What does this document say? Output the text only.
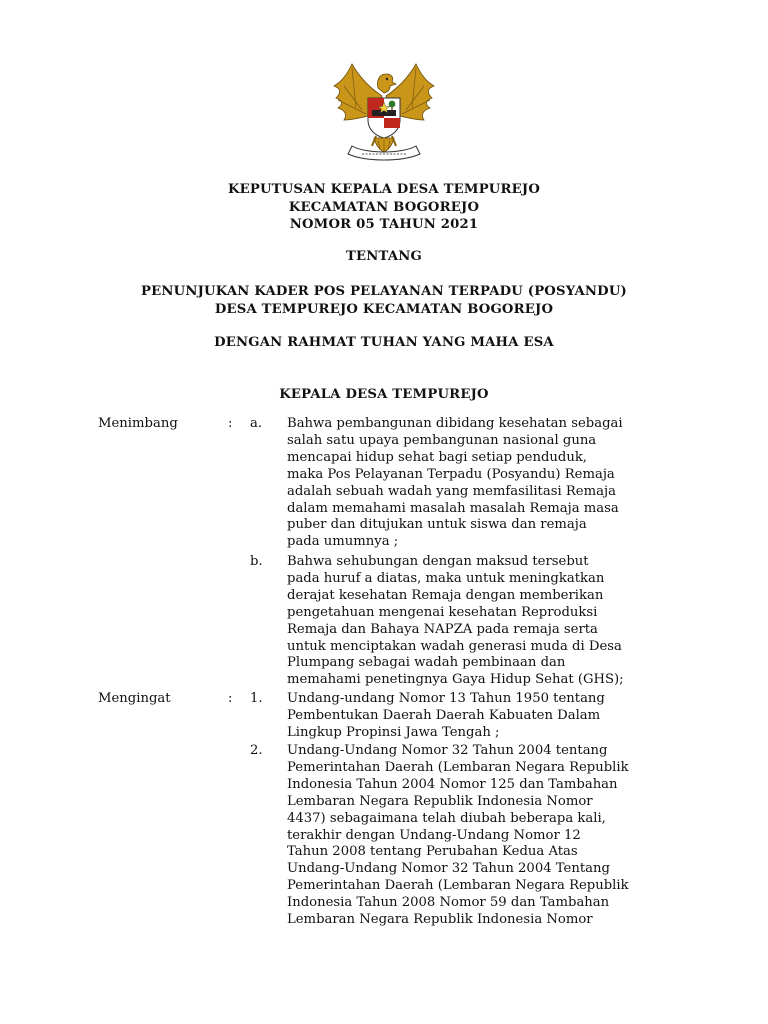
KEPUTUSAN KEPALA DESA TEMPUREJO
KECAMATAN BOGOREJO
NOMOR 05 TAHUN 2021
TENTANG
PENUNJUKAN KADER POS PELAYANAN TERPADU (POSYANDU)
DESA TEMPUREJO KECAMATAN BOGOREJO
DENGAN RAHMAT TUHAN YANG MAHA ESA
KEPALA DESA TEMPUREJO
Menimbang	: a. Bahwa pembangunan dibidang kesehatan sebagai
salah satu upaya pembangunan nasional guna
mencapai hidup sehat bagi setiap penduduk,
maka Pos Pelayanan Terpadu (Posyandu) Remaja
adalah sebuah wadah yang memfasilitasi Remaja
dalam memahami masalah masalah Remaja masa
puber dan ditujukan untuk siswa dan remaja
pada umumnya ;
b. Bahwa sehubungan dengan maksud tersebut
pada huruf a diatas, maka untuk meningkatkan
derajat kesehatan Remaja dengan memberikan
pengetahuan mengenai kesehatan Reproduksi
Remaja dan Bahaya NAPZA pada remaja serta
untuk menciptakan wadah generasi muda di Desa
Plumpang sebagai wadah pembinaan dan
memahami penetingnya Gaya Hidup Sehat (GHS);
Mengingat	: 1. Undang-undang Nomor 13 Tahun 1950 tentang
Pembentukan Daerah Daerah Kabuaten Dalam
Lingkup Propinsi Jawa Tengah ;
2. Undang-Undang Nomor 32 Tahun 2004 tentang
Pemerintahan Daerah (Lembaran Negara Republik
Indonesia Tahun 2004 Nomor 125 dan Tambahan
Lembaran Negara Republik Indonesia Nomor
4437) sebagaimana telah diubah beberapa kali,
terakhir dengan Undang-Undang Nomor 12
Tahun 2008 tentang Perubahan Kedua Atas
Undang-Undang Nomor 32 Tahun 2004 Tentang
Pemerintahan Daerah (Lembaran Negara Republik
Indonesia Tahun 2008 Nomor 59 dan Tambahan
Lembaran Negara Republik Indonesia Nomor
